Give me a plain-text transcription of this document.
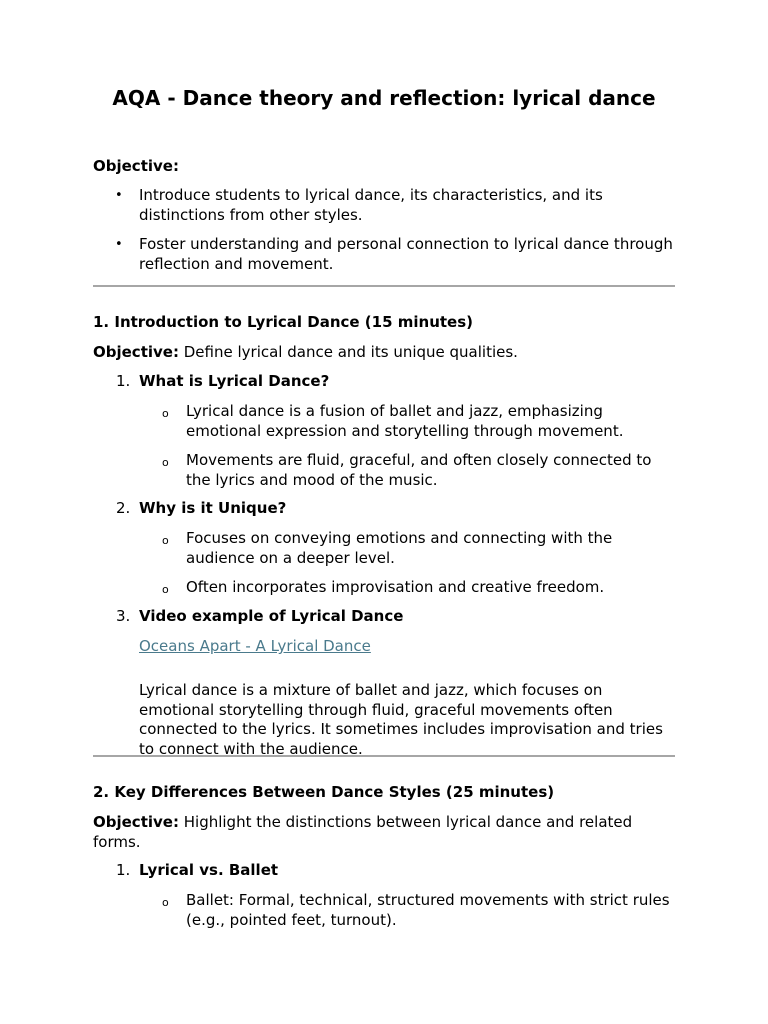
AQA - Dance theory and reflection: lyrical dance

Objective:

• Introduce students to lyrical dance, its characteristics, and its distinctions from other styles.
• Foster understanding and personal connection to lyrical dance through reflection and movement.

1. Introduction to Lyrical Dance (15 minutes)

Objective: Define lyrical dance and its unique qualities.

1. What is Lyrical Dance?
o Lyrical dance is a fusion of ballet and jazz, emphasizing emotional expression and storytelling through movement.
o Movements are fluid, graceful, and often closely connected to the lyrics and mood of the music.
2. Why is it Unique?
o Focuses on conveying emotions and connecting with the audience on a deeper level.
o Often incorporates improvisation and creative freedom.
3. Video example of Lyrical Dance
Oceans Apart - A Lyrical Dance

Lyrical dance is a mixture of ballet and jazz, which focuses on emotional storytelling through fluid, graceful movements often connected to the lyrics. It sometimes includes improvisation and tries to connect with the audience.

2. Key Differences Between Dance Styles (25 minutes)

Objective: Highlight the distinctions between lyrical dance and related forms.

1. Lyrical vs. Ballet
o Ballet: Formal, technical, structured movements with strict rules (e.g., pointed feet, turnout).
